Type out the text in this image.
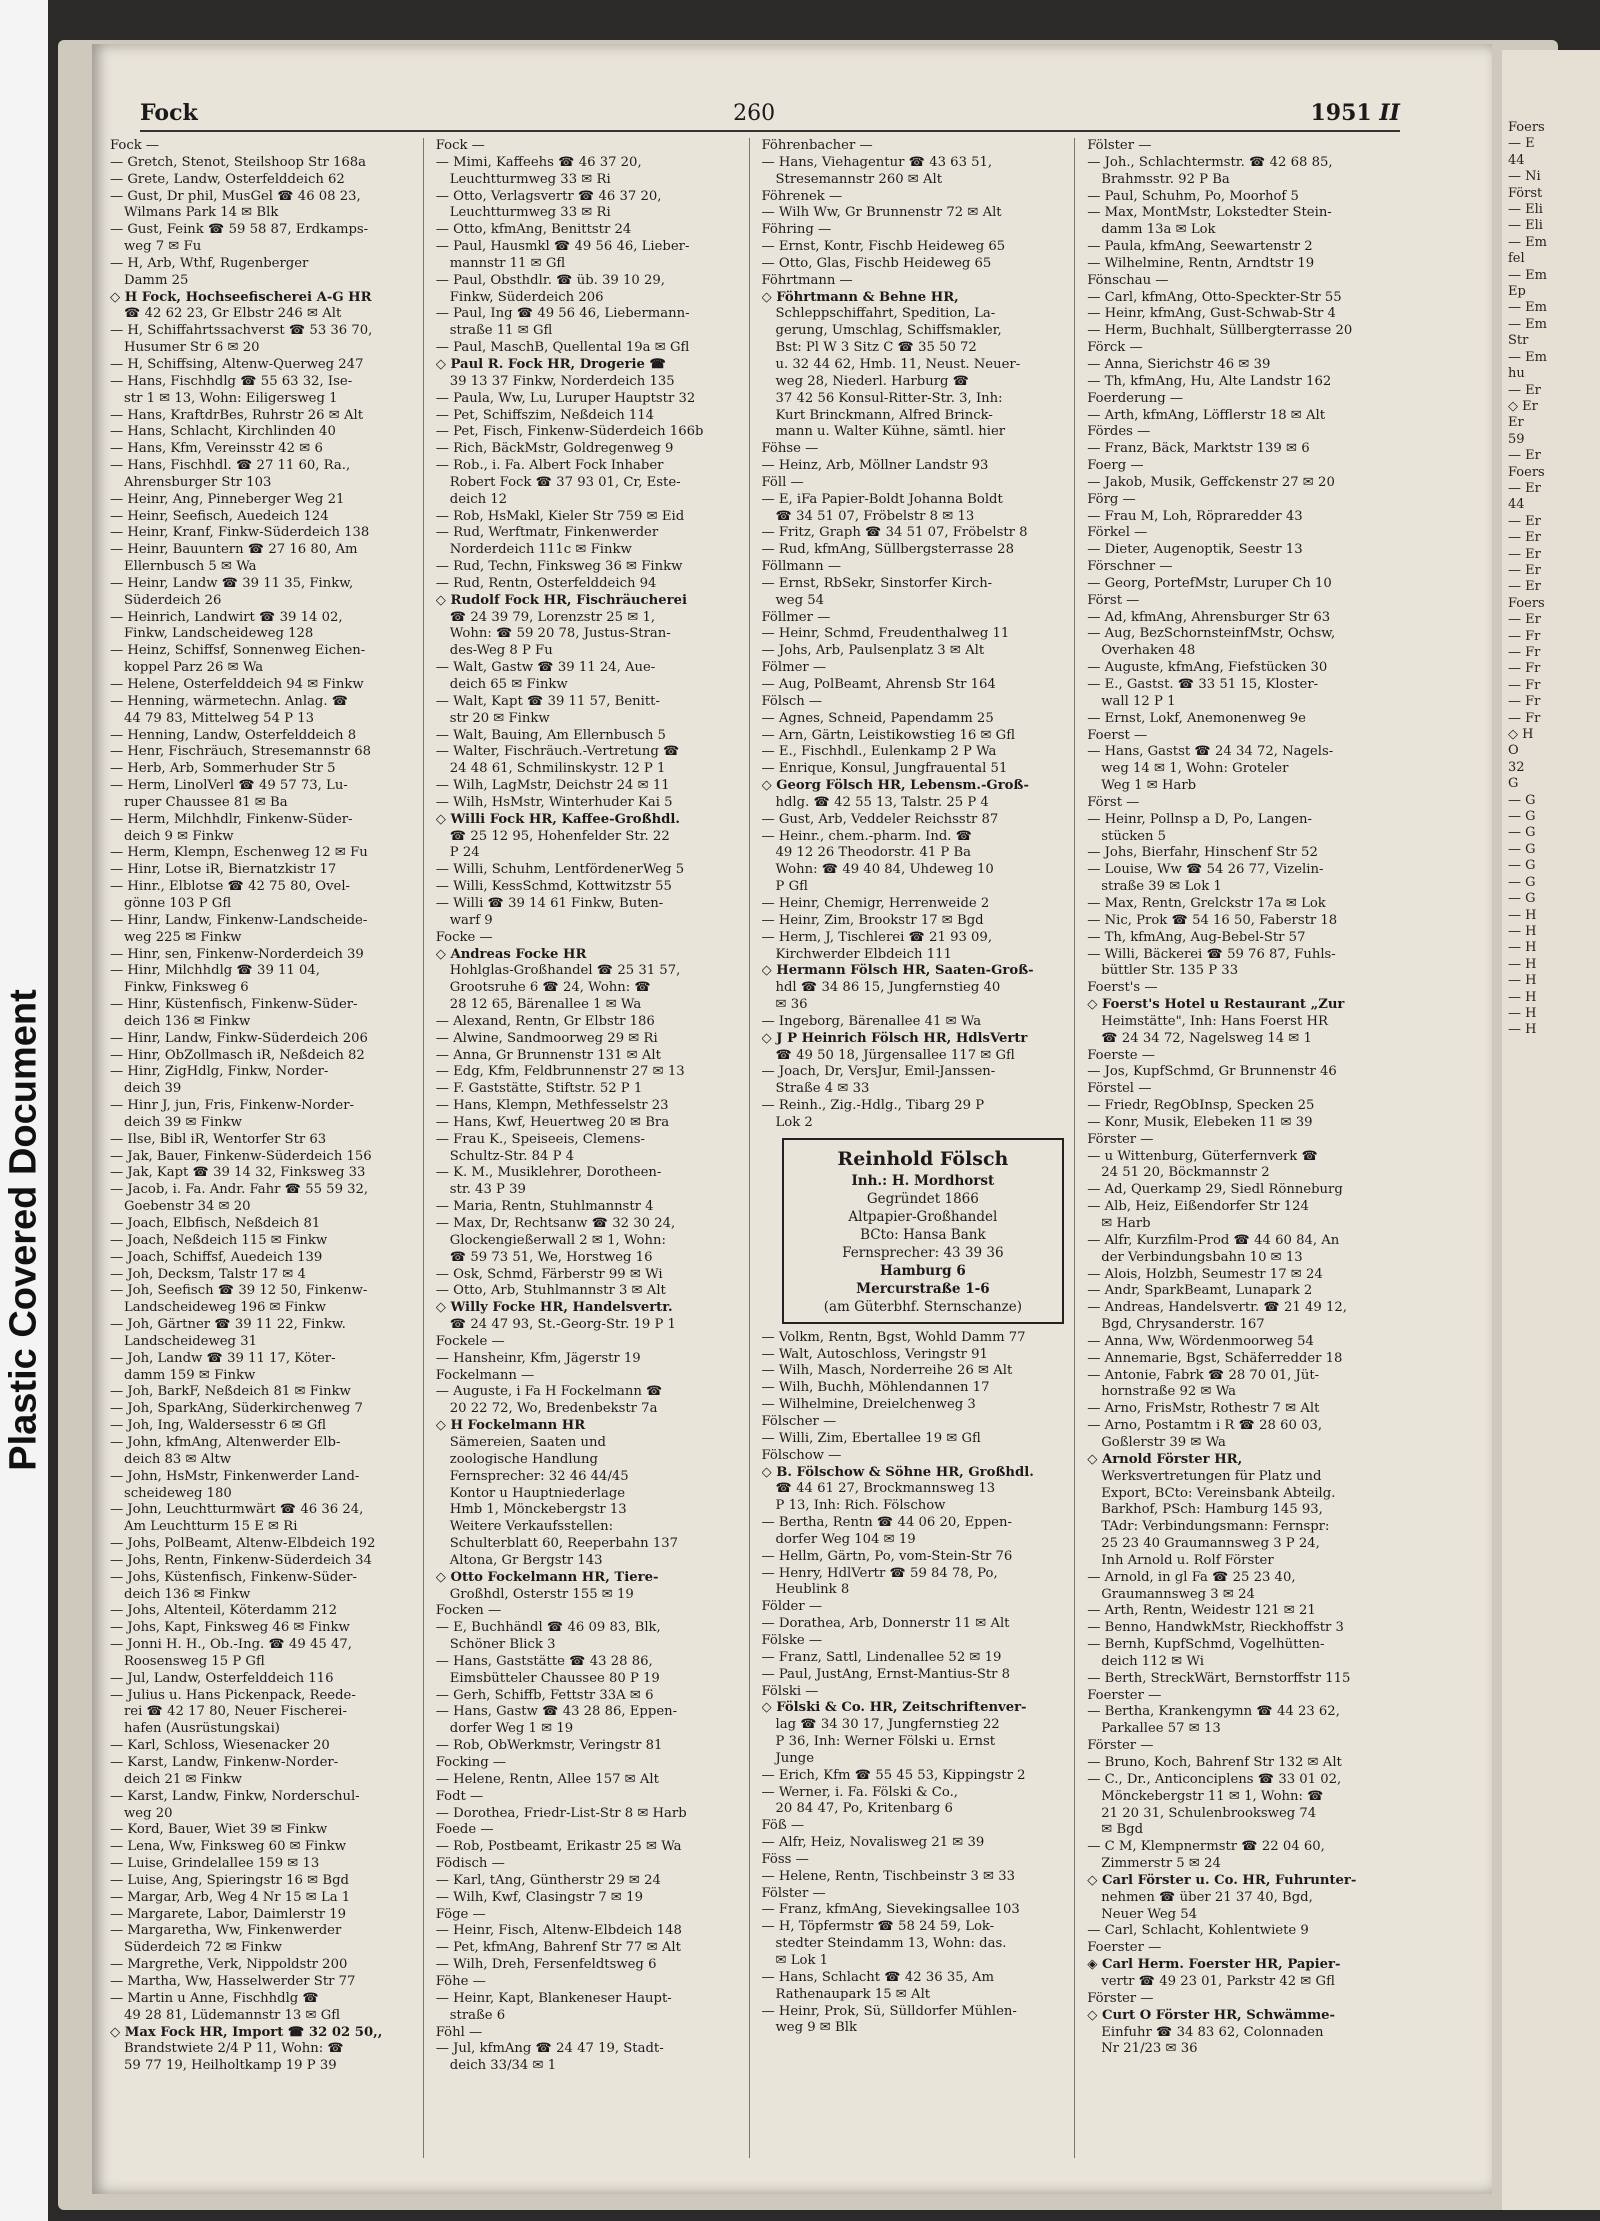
Plastic Covered Document
Fock	260	1951 II
Fock —
— Gretch, Stenot, Steilshoop Str 168a
— Grete, Landw, Osterfelddeich 62
— Gust, Dr phil, MusGel ☎ 46 08 23,
Wilmans Park 14 ✉ Blk
— Gust, Feink ☎ 59 58 87, Erdkamps-
weg 7 ✉ Fu
— H, Arb, Wthf, Rugenberger
Damm 25
◇ H Fock, Hochseefischerei A-G HR
☎ 42 62 23, Gr Elbstr 246 ✉ Alt
— H, Schiffahrtssachverst ☎ 53 36 70,
Husumer Str 6 ✉ 20
— H, Schiffsing, Altenw-Querweg 247
— Hans, Fischhdlg ☎ 55 63 32, Ise-
str 1 ✉ 13, Wohn: Eiligersweg 1
— Hans, KraftdrBes, Ruhrstr 26 ✉ Alt
— Hans, Schlacht, Kirchlinden 40
— Hans, Kfm, Vereinsstr 42 ✉ 6
— Hans, Fischhdl. ☎ 27 11 60, Ra.,
Ahrensburger Str 103
— Heinr, Ang, Pinneberger Weg 21
— Heinr, Seefisch, Auedeich 124
— Heinr, Kranf, Finkw-Süderdeich 138
— Heinr, Bauuntern ☎ 27 16 80, Am
Ellernbusch 5 ✉ Wa
— Heinr, Landw ☎ 39 11 35, Finkw,
Süderdeich 26
— Heinrich, Landwirt ☎ 39 14 02,
Finkw, Landscheideweg 128
— Heinz, Schiffsf, Sonnenweg Eichen-
koppel Parz 26 ✉ Wa
— Helene, Osterfelddeich 94 ✉ Finkw
— Henning, wärmetechn. Anlag. ☎
44 79 83, Mittelweg 54 P 13
— Henning, Landw, Osterfelddeich 8
— Henr, Fischräuch, Stresemannstr 68
— Herb, Arb, Sommerhuder Str 5
— Herm, LinolVerl ☎ 49 57 73, Lu-
ruper Chaussee 81 ✉ Ba
— Herm, Milchhdlr, Finkenw-Süder-
deich 9 ✉ Finkw
— Herm, Klempn, Eschenweg 12 ✉ Fu
— Hinr, Lotse iR, Biernatzkistr 17
— Hinr., Elblotse ☎ 42 75 80, Ovel-
gönne 103 P Gfl
— Hinr, Landw, Finkenw-Landscheide-
weg 225 ✉ Finkw
— Hinr, sen, Finkenw-Norderdeich 39
— Hinr, Milchhdlg ☎ 39 11 04,
Finkw, Finksweg 6
— Hinr, Küstenfisch, Finkenw-Süder-
deich 136 ✉ Finkw
— Hinr, Landw, Finkw-Süderdeich 206
— Hinr, ObZollmasch iR, Neßdeich 82
— Hinr, ZigHdlg, Finkw, Norder-
deich 39
— Hinr J, jun, Fris, Finkenw-Norder-
deich 39 ✉ Finkw
— Ilse, Bibl iR, Wentorfer Str 63
— Jak, Bauer, Finkenw-Süderdeich 156
— Jak, Kapt ☎ 39 14 32, Finksweg 33
— Jacob, i. Fa. Andr. Fahr ☎ 55 59 32,
Goebenstr 34 ✉ 20
— Joach, Elbfisch, Neßdeich 81
— Joach, Neßdeich 115 ✉ Finkw
— Joach, Schiffsf, Auedeich 139
— Joh, Decksm, Talstr 17 ✉ 4
— Joh, Seefisch ☎ 39 12 50, Finkenw-
Landscheideweg 196 ✉ Finkw
— Joh, Gärtner ☎ 39 11 22, Finkw.
Landscheideweg 31
— Joh, Landw ☎ 39 11 17, Köter-
damm 159 ✉ Finkw
— Joh, BarkF, Neßdeich 81 ✉ Finkw
— Joh, SparkAng, Süderkirchenweg 7
— Joh, Ing, Waldersesstr 6 ✉ Gfl
— John, kfmAng, Altenwerder Elb-
deich 83 ✉ Altw
— John, HsMstr, Finkenwerder Land-
scheideweg 180
— John, Leuchtturmwärt ☎ 46 36 24,
Am Leuchtturm 15 E ✉ Ri
— Johs, PolBeamt, Altenw-Elbdeich 192
— Johs, Rentn, Finkenw-Süderdeich 34
— Johs, Küstenfisch, Finkenw-Süder-
deich 136 ✉ Finkw
— Johs, Altenteil, Köterdamm 212
— Johs, Kapt, Finksweg 46 ✉ Finkw
— Jonni H. H., Ob.-Ing. ☎ 49 45 47,
Roosensweg 15 P Gfl
— Jul, Landw, Osterfelddeich 116
— Julius u. Hans Pickenpack, Reede-
rei ☎ 42 17 80, Neuer Fischerei-
hafen (Ausrüstungskai)
— Karl, Schloss, Wiesenacker 20
— Karst, Landw, Finkenw-Norder-
deich 21 ✉ Finkw
— Karst, Landw, Finkw, Norderschul-
weg 20
— Kord, Bauer, Wiet 39 ✉ Finkw
— Lena, Ww, Finksweg 60 ✉ Finkw
— Luise, Grindelallee 159 ✉ 13
— Luise, Ang, Spieringstr 16 ✉ Bgd
— Margar, Arb, Weg 4 Nr 15 ✉ La 1
— Margarete, Labor, Daimlerstr 19
— Margaretha, Ww, Finkenwerder
Süderdeich 72 ✉ Finkw
— Margrethe, Verk, Nippoldstr 200
— Martha, Ww, Hasselwerder Str 77
— Martin u Anne, Fischhdlg ☎
49 28 81, Lüdemannstr 13 ✉ Gfl
◇ Max Fock HR, Import ☎ 32 02 50,,
Brandstwiete 2/4 P 11, Wohn: ☎
59 77 19, Heilholtkamp 19 P 39
Fock —
— Mimi, Kaffeehs ☎ 46 37 20,
Leuchtturmweg 33 ✉ Ri
— Otto, Verlagsvertr ☎ 46 37 20,
Leuchtturmweg 33 ✉ Ri
— Otto, kfmAng, Benittstr 24
— Paul, Hausmkl ☎ 49 56 46, Lieber-
mannstr 11 ✉ Gfl
— Paul, Obsthdlr. ☎ üb. 39 10 29,
Finkw, Süderdeich 206
— Paul, Ing ☎ 49 56 46, Liebermann-
straße 11 ✉ Gfl
— Paul, MaschB, Quellental 19a ✉ Gfl
◇ Paul R. Fock HR, Drogerie ☎
39 13 37 Finkw, Norderdeich 135
— Paula, Ww, Lu, Luruper Hauptstr 32
— Pet, Schiffszim, Neßdeich 114
— Pet, Fisch, Finkenw-Süderdeich 166b
— Rich, BäckMstr, Goldregenweg 9
— Rob., i. Fa. Albert Fock Inhaber
Robert Fock ☎ 37 93 01, Cr, Este-
deich 12
— Rob, HsMakl, Kieler Str 759 ✉ Eid
— Rud, Werftmatr, Finkenwerder
Norderdeich 111c ✉ Finkw
— Rud, Techn, Finksweg 36 ✉ Finkw
— Rud, Rentn, Osterfelddeich 94
◇ Rudolf Fock HR, Fischräucherei
☎ 24 39 79, Lorenzstr 25 ✉ 1,
Wohn: ☎ 59 20 78, Justus-Stran-
des-Weg 8 P Fu
— Walt, Gastw ☎ 39 11 24, Aue-
deich 65 ✉ Finkw
— Walt, Kapt ☎ 39 11 57, Benitt-
str 20 ✉ Finkw
— Walt, Bauing, Am Ellernbusch 5
— Walter, Fischräuch.-Vertretung ☎
24 48 61, Schmilinskystr. 12 P 1
— Wilh, LagMstr, Deichstr 24 ✉ 11
— Wilh, HsMstr, Winterhuder Kai 5
◇ Willi Fock HR, Kaffee-Großhdl.
☎ 25 12 95, Hohenfelder Str. 22
P 24
— Willi, Schuhm, LentfördenerWeg 5
— Willi, KessSchmd, Kottwitzstr 55
— Willi ☎ 39 14 61 Finkw, Buten-
warf 9
Focke —
◇ Andreas Focke HR
Hohlglas-Großhandel ☎ 25 31 57,
Grootsruhe 6 ☎ 24, Wohn: ☎
28 12 65, Bärenallee 1 ✉ Wa
— Alexand, Rentn, Gr Elbstr 186
— Alwine, Sandmoorweg 29 ✉ Ri
— Anna, Gr Brunnenstr 131 ✉ Alt
— Edg, Kfm, Feldbrunnenstr 27 ✉ 13
— F. Gaststätte, Stiftstr. 52 P 1
— Hans, Klempn, Methfesselstr 23
— Hans, Kwf, Heuertweg 20 ✉ Bra
— Frau K., Speiseeis, Clemens-
Schultz-Str. 84 P 4
— K. M., Musiklehrer, Dorotheen-
str. 43 P 39
— Maria, Rentn, Stuhlmannstr 4
— Max, Dr, Rechtsanw ☎ 32 30 24,
Glockengießerwall 2 ✉ 1, Wohn:
☎ 59 73 51, We, Horstweg 16
— Osk, Schmd, Färberstr 99 ✉ Wi
— Otto, Arb, Stuhlmannstr 3 ✉ Alt
◇ Willy Focke HR, Handelsvertr.
☎ 24 47 93, St.-Georg-Str. 19 P 1
Fockele —
— Hansheinr, Kfm, Jägerstr 19
Fockelmann —
— Auguste, i Fa H Fockelmann ☎
20 22 72, Wo, Bredenbekstr 7a
◇ H Fockelmann HR
Sämereien, Saaten und
zoologische Handlung
Fernsprecher: 32 46 44/45
Kontor u Hauptniederlage
Hmb 1, Mönckebergstr 13
Weitere Verkaufsstellen:
Schulterblatt 60, Reeperbahn 137
Altona, Gr Bergstr 143
◇ Otto Fockelmann HR, Tiere-
Großhdl, Osterstr 155 ✉ 19
Focken —
— E, Buchhändl ☎ 46 09 83, Blk,
Schöner Blick 3
— Hans, Gaststätte ☎ 43 28 86,
Eimsbütteler Chaussee 80 P 19
— Gerh, Schiffb, Fettstr 33A ✉ 6
— Hans, Gastw ☎ 43 28 86, Eppen-
dorfer Weg 1 ✉ 19
— Rob, ObWerkmstr, Veringstr 81
Focking —
— Helene, Rentn, Allee 157 ✉ Alt
Fodt —
— Dorothea, Friedr-List-Str 8 ✉ Harb
Foede —
— Rob, Postbeamt, Erikastr 25 ✉ Wa
Födisch —
— Karl, tAng, Güntherstr 29 ✉ 24
— Wilh, Kwf, Clasingstr 7 ✉ 19
Föge —
— Heinr, Fisch, Altenw-Elbdeich 148
— Pet, kfmAng, Bahrenf Str 77 ✉ Alt
— Wilh, Dreh, Fersenfeldtsweg 6
Föhe —
— Heinr, Kapt, Blankeneser Haupt-
straße 6
Föhl —
— Jul, kfmAng ☎ 24 47 19, Stadt-
deich 33/34 ✉ 1
Föhrenbacher —
— Hans, Viehagentur ☎ 43 63 51,
Stresemannstr 260 ✉ Alt
Föhrenek —
— Wilh Ww, Gr Brunnenstr 72 ✉ Alt
Föhring —
— Ernst, Kontr, Fischb Heideweg 65
— Otto, Glas, Fischb Heideweg 65
Föhrtmann —
◇ Föhrtmann & Behne HR,
Schleppschiffahrt, Spedition, La-
gerung, Umschlag, Schiffsmakler,
Bst: Pl W 3 Sitz C ☎ 35 50 72
u. 32 44 62, Hmb. 11, Neust. Neuer-
weg 28, Niederl. Harburg ☎
37 42 56 Konsul-Ritter-Str. 3, Inh:
Kurt Brinckmann, Alfred Brinck-
mann u. Walter Kühne, sämtl. hier
Föhse —
— Heinz, Arb, Möllner Landstr 93
Föll —
— E, iFa Papier-Boldt Johanna Boldt
☎ 34 51 07, Fröbelstr 8 ✉ 13
— Fritz, Graph ☎ 34 51 07, Fröbelstr 8
— Rud, kfmAng, Süllbergsterrasse 28
Föllmann —
— Ernst, RbSekr, Sinstorfer Kirch-
weg 54
Föllmer —
— Heinr, Schmd, Freudenthalweg 11
— Johs, Arb, Paulsenplatz 3 ✉ Alt
Fölmer —
— Aug, PolBeamt, Ahrensb Str 164
Fölsch —
— Agnes, Schneid, Papendamm 25
— Arn, Gärtn, Leistikowstieg 16 ✉ Gfl
— E., Fischhdl., Eulenkamp 2 P Wa
— Enrique, Konsul, Jungfrauental 51
◇ Georg Fölsch HR, Lebensm.-Groß-
hdlg. ☎ 42 55 13, Talstr. 25 P 4
— Gust, Arb, Veddeler Reichsstr 87
— Heinr., chem.-pharm. Ind. ☎
49 12 26 Theodorstr. 41 P Ba
Wohn: ☎ 49 40 84, Uhdeweg 10
P Gfl
— Heinr, Chemigr, Herrenweide 2
— Heinr, Zim, Brookstr 17 ✉ Bgd
— Herm, J, Tischlerei ☎ 21 93 09,
Kirchwerder Elbdeich 111
◇ Hermann Fölsch HR, Saaten-Groß-
hdl ☎ 34 86 15, Jungfernstieg 40
✉ 36
— Ingeborg, Bärenallee 41 ✉ Wa
◇ J P Heinrich Fölsch HR, HdlsVertr
☎ 49 50 18, Jürgensallee 117 ✉ Gfl
— Joach, Dr, VersJur, Emil-Janssen-
Straße 4 ✉ 33
— Reinh., Zig.-Hdlg., Tibarg 29 P
Lok 2
Reinhold Fölsch
Inh.: H. Mordhorst
Gegründet 1866
Altpapier-Großhandel
BCto: Hansa Bank
Fernsprecher: 43 39 36
Hamburg 6
Mercurstraße 1-6
(am Güterbhf. Sternschanze)
— Volkm, Rentn, Bgst, Wohld Damm 77
— Walt, Autoschloss, Veringstr 91
— Wilh, Masch, Norderreihe 26 ✉ Alt
— Wilh, Buchh, Möhlendannen 17
— Wilhelmine, Dreielchenweg 3
Fölscher —
— Willi, Zim, Ebertallee 19 ✉ Gfl
Fölschow —
◇ B. Fölschow & Söhne HR, Großhdl.
☎ 44 61 27, Brockmannsweg 13
P 13, Inh: Rich. Fölschow
— Bertha, Rentn ☎ 44 06 20, Eppen-
dorfer Weg 104 ✉ 19
— Hellm, Gärtn, Po, vom-Stein-Str 76
— Henry, HdlVertr ☎ 59 84 78, Po,
Heublink 8
Földer —
— Dorathea, Arb, Donnerstr 11 ✉ Alt
Fölske —
— Franz, Sattl, Lindenallee 52 ✉ 19
— Paul, JustAng, Ernst-Mantius-Str 8
Fölski —
◇ Fölski & Co. HR, Zeitschriftenver-
lag ☎ 34 30 17, Jungfernstieg 22
P 36, Inh: Werner Fölski u. Ernst
Junge
— Erich, Kfm ☎ 55 45 53, Kippingstr 2
— Werner, i. Fa. Fölski & Co.,
20 84 47, Po, Kritenbarg 6
Föß —
— Alfr, Heiz, Novalisweg 21 ✉ 39
Föss —
— Helene, Rentn, Tischbeinstr 3 ✉ 33
Fölster —
— Franz, kfmAng, Sievekingsallee 103
— H, Töpfermstr ☎ 58 24 59, Lok-
stedter Steindamm 13, Wohn: das.
✉ Lok 1
— Hans, Schlacht ☎ 42 36 35, Am
Rathenaupark 15 ✉ Alt
— Heinr, Prok, Sü, Sülldorfer Mühlen-
weg 9 ✉ Blk
Fölster —
— Joh., Schlachtermstr. ☎ 42 68 85,
Brahmsstr. 92 P Ba
— Paul, Schuhm, Po, Moorhof 5
— Max, MontMstr, Lokstedter Stein-
damm 13a ✉ Lok
— Paula, kfmAng, Seewartenstr 2
— Wilhelmine, Rentn, Arndtstr 19
Fönschau —
— Carl, kfmAng, Otto-Speckter-Str 55
— Heinr, kfmAng, Gust-Schwab-Str 4
— Herm, Buchhalt, Süllbergterrasse 20
Förck —
— Anna, Sierichstr 46 ✉ 39
— Th, kfmAng, Hu, Alte Landstr 162
Foerderung —
— Arth, kfmAng, Löfflerstr 18 ✉ Alt
Fördes —
— Franz, Bäck, Marktstr 139 ✉ 6
Foerg —
— Jakob, Musik, Geffckenstr 27 ✉ 20
Förg —
— Frau M, Loh, Röpraredder 43
Förkel —
— Dieter, Augenoptik, Seestr 13
Förschner —
— Georg, PortefMstr, Luruper Ch 10
Först —
— Ad, kfmAng, Ahrensburger Str 63
— Aug, BezSchornsteinfMstr, Ochsw,
Overhaken 48
— Auguste, kfmAng, Fiefstücken 30
— E., Gastst. ☎ 33 51 15, Kloster-
wall 12 P 1
— Ernst, Lokf, Anemonenweg 9e
Foerst —
— Hans, Gastst ☎ 24 34 72, Nagels-
weg 14 ✉ 1, Wohn: Groteler
Weg 1 ✉ Harb
Först —
— Heinr, Pollnsp a D, Po, Langen-
stücken 5
— Johs, Bierfahr, Hinschenf Str 52
— Louise, Ww ☎ 54 26 77, Vizelin-
straße 39 ✉ Lok 1
— Max, Rentn, Grelckstr 17a ✉ Lok
— Nic, Prok ☎ 54 16 50, Faberstr 18
— Th, kfmAng, Aug-Bebel-Str 57
— Willi, Bäckerei ☎ 59 76 87, Fuhls-
büttler Str. 135 P 33
Foerst's —
◇ Foerst's Hotel u Restaurant „Zur
Heimstätte", Inh: Hans Foerst HR
☎ 24 34 72, Nagelsweg 14 ✉ 1
Foerste —
— Jos, KupfSchmd, Gr Brunnenstr 46
Förstel —
— Friedr, RegObInsp, Specken 25
— Konr, Musik, Elebeken 11 ✉ 39
Förster —
— u Wittenburg, Güterfernverk ☎
24 51 20, Böckmannstr 2
— Ad, Querkamp 29, Siedl Rönneburg
— Alb, Heiz, Eißendorfer Str 124
✉ Harb
— Alfr, Kurzfilm-Prod ☎ 44 60 84, An
der Verbindungsbahn 10 ✉ 13
— Alois, Holzbh, Seumestr 17 ✉ 24
— Andr, SparkBeamt, Lunapark 2
— Andreas, Handelsvertr. ☎ 21 49 12,
Bgd, Chrysanderstr. 167
— Anna, Ww, Wördenmoorweg 54
— Annemarie, Bgst, Schäferredder 18
— Antonie, Fabrk ☎ 28 70 01, Jüt-
hornstraße 92 ✉ Wa
— Arno, FrisMstr, Rothestr 7 ✉ Alt
— Arno, Postamtm i R ☎ 28 60 03,
Goßlerstr 39 ✉ Wa
◇ Arnold Förster HR,
Werksvertretungen für Platz und
Export, BCto: Vereinsbank Abteilg.
Barkhof, PSch: Hamburg 145 93,
TAdr: Verbindungsmann: Fernspr:
25 23 40 Graumannsweg 3 P 24,
Inh Arnold u. Rolf Förster
— Arnold, in gl Fa ☎ 25 23 40,
Graumannsweg 3 ✉ 24
— Arth, Rentn, Weidestr 121 ✉ 21
— Benno, HandwkMstr, Rieckhoffstr 3
— Bernh, KupfSchmd, Vogelhütten-
deich 112 ✉ Wi
— Berth, StreckWärt, Bernstorffstr 115
Foerster —
— Bertha, Krankengymn ☎ 44 23 62,
Parkallee 57 ✉ 13
Förster —
— Bruno, Koch, Bahrenf Str 132 ✉ Alt
— C., Dr., Anticonciplens ☎ 33 01 02,
Mönckebergstr 11 ✉ 1, Wohn: ☎
21 20 31, Schulenbrooksweg 74
✉ Bgd
— C M, Klempnermstr ☎ 22 04 60,
Zimmerstr 5 ✉ 24
◇ Carl Förster u. Co. HR, Fuhrunter-
nehmen ☎ über 21 37 40, Bgd,
Neuer Weg 54
— Carl, Schlacht, Kohlentwiete 9
Foerster —
◈ Carl Herm. Foerster HR, Papier-
vertr ☎ 49 23 01, Parkstr 42 ✉ Gfl
Förster —
◇ Curt O Förster HR, Schwämme-
Einfuhr ☎ 34 83 62, Colonnaden
Nr 21/23 ✉ 36
Foers
— E
44
— Ni
Först
— Eli
— Eli
— Em
fel
— Em
Ep
— Em
— Em
Str
— Em
hu
— Er
◇ Er
Er
59
— Er
Foers
— Er
44
— Er
— Er
— Er
— Er
— Er
Foers
— Er
— Fr
— Fr
— Fr
— Fr
— Fr
— Fr
◇ H
O
32
G
— G
— G
— G
— G
— G
— G
— G
— H
— H
— H
— H
— H
— H
— H
— H
